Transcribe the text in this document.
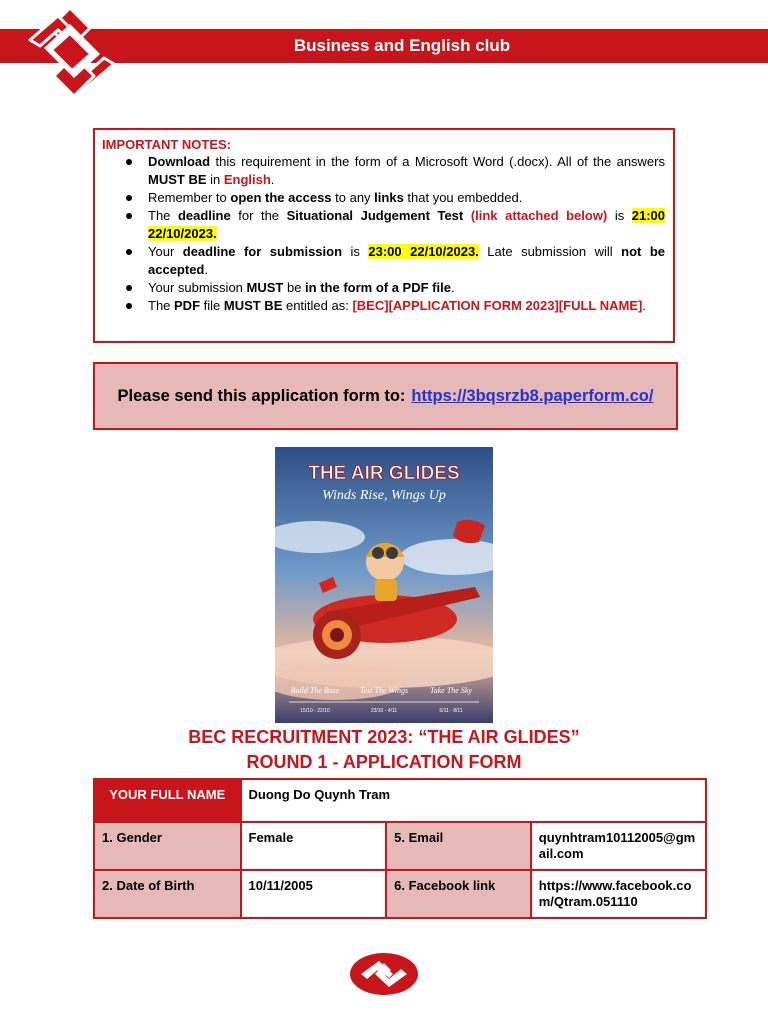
Business and English club
IMPORTANT NOTES:
Download this requirement in the form of a Microsoft Word (.docx). All of the answers MUST BE in English.
Remember to open the access to any links that you embedded.
The deadline for the Situational Judgement Test (link attached below) is 21:00 22/10/2023.
Your deadline for submission is 23:00 22/10/2023. Late submission will not be accepted.
Your submission MUST be in the form of a PDF file.
The PDF file MUST BE entitled as: [BEC][APPLICATION FORM 2023][FULL NAME].
Please send this application form to: https://3bqsrzb8.paperform.co/
THE AIR GLIDES
Winds Rise, Wings Up
Build The Base	Test The Wings	Take The Sky
15/10 - 22/10	23/10 - 4/11	5/11 - 8/11
BEC RECRUITMENT 2023: “THE AIR GLIDES”
ROUND 1 - APPLICATION FORM
YOUR FULL NAME	Duong Do Quynh Tram		
1. Gender	Female	5. Email	quynhtram10112005@gmail.com
2. Date of Birth	10/11/2005	6. Facebook link	https://www.facebook.com/Qtram.051110
